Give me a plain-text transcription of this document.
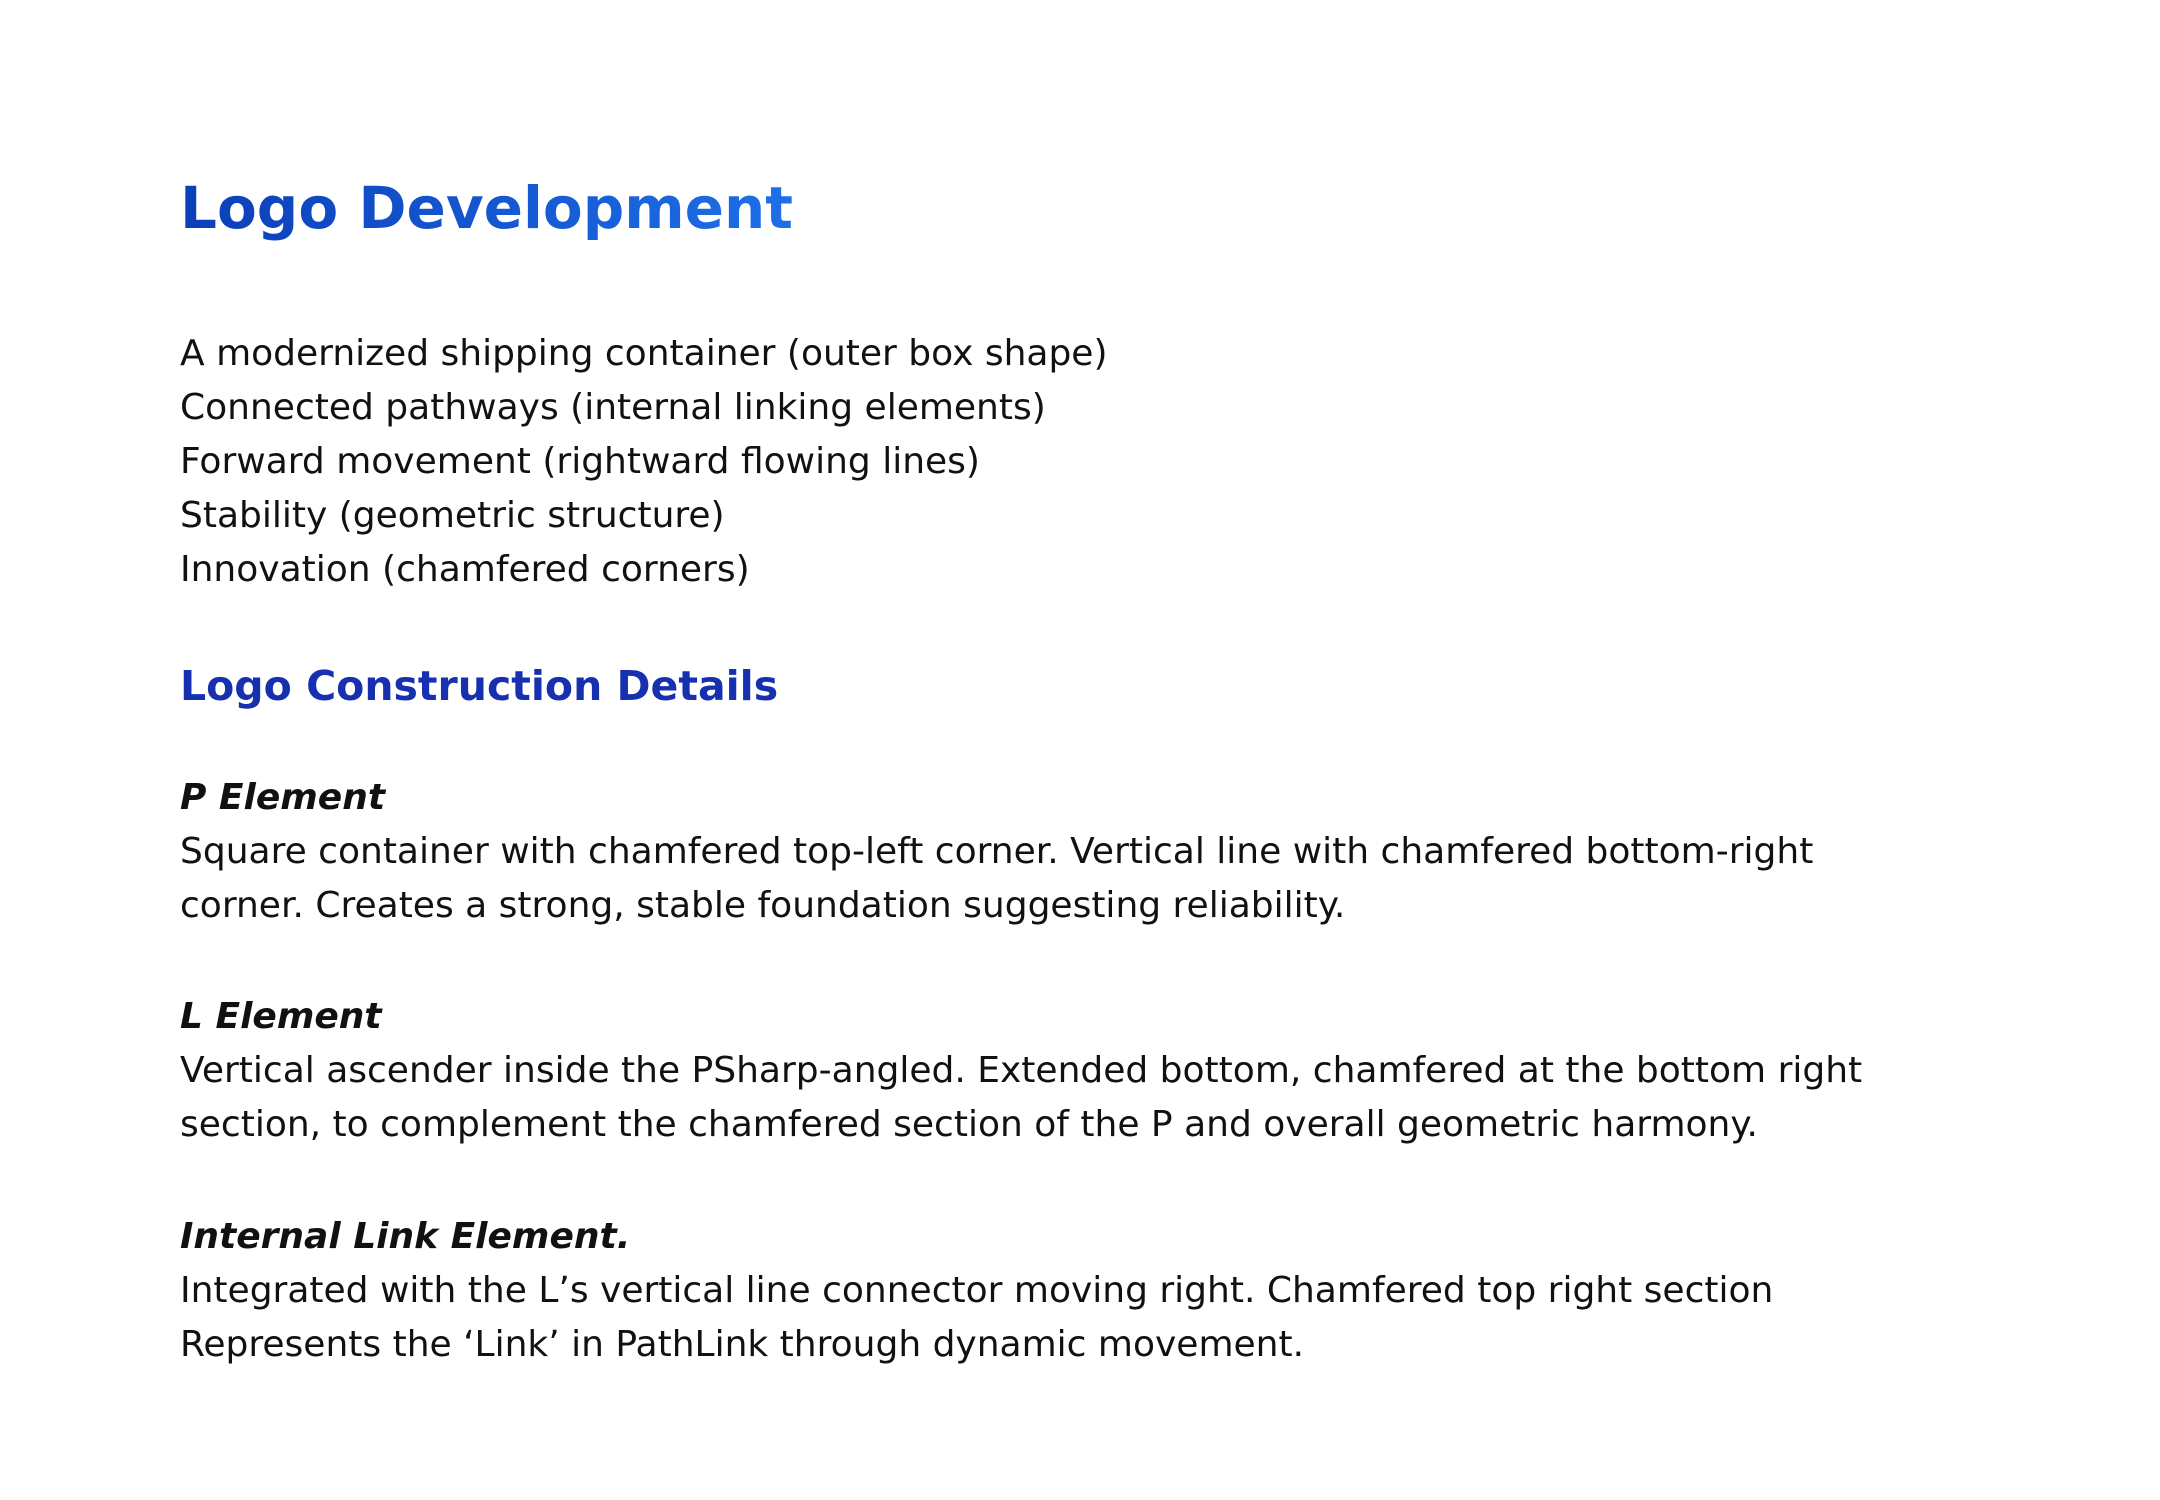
Logo Development
A modernized shipping container (outer box shape)
Connected pathways (internal linking elements)
Forward movement (rightward flowing lines)
Stability (geometric structure)
Innovation (chamfered corners)
Logo Construction Details
P Element

Square container with chamfered top-left corner. Vertical line with chamfered bottom-right

corner. Creates a strong, stable foundation suggesting reliability.

L Element

Vertical ascender inside the PSharp-angled. Extended bottom, chamfered at the bottom right

section, to complement the chamfered section of the P and overall geometric harmony.

Internal Link Element.

Integrated with the L’s vertical line connector moving right. Chamfered top right section

Represents the ‘Link’ in PathLink through dynamic movement.
